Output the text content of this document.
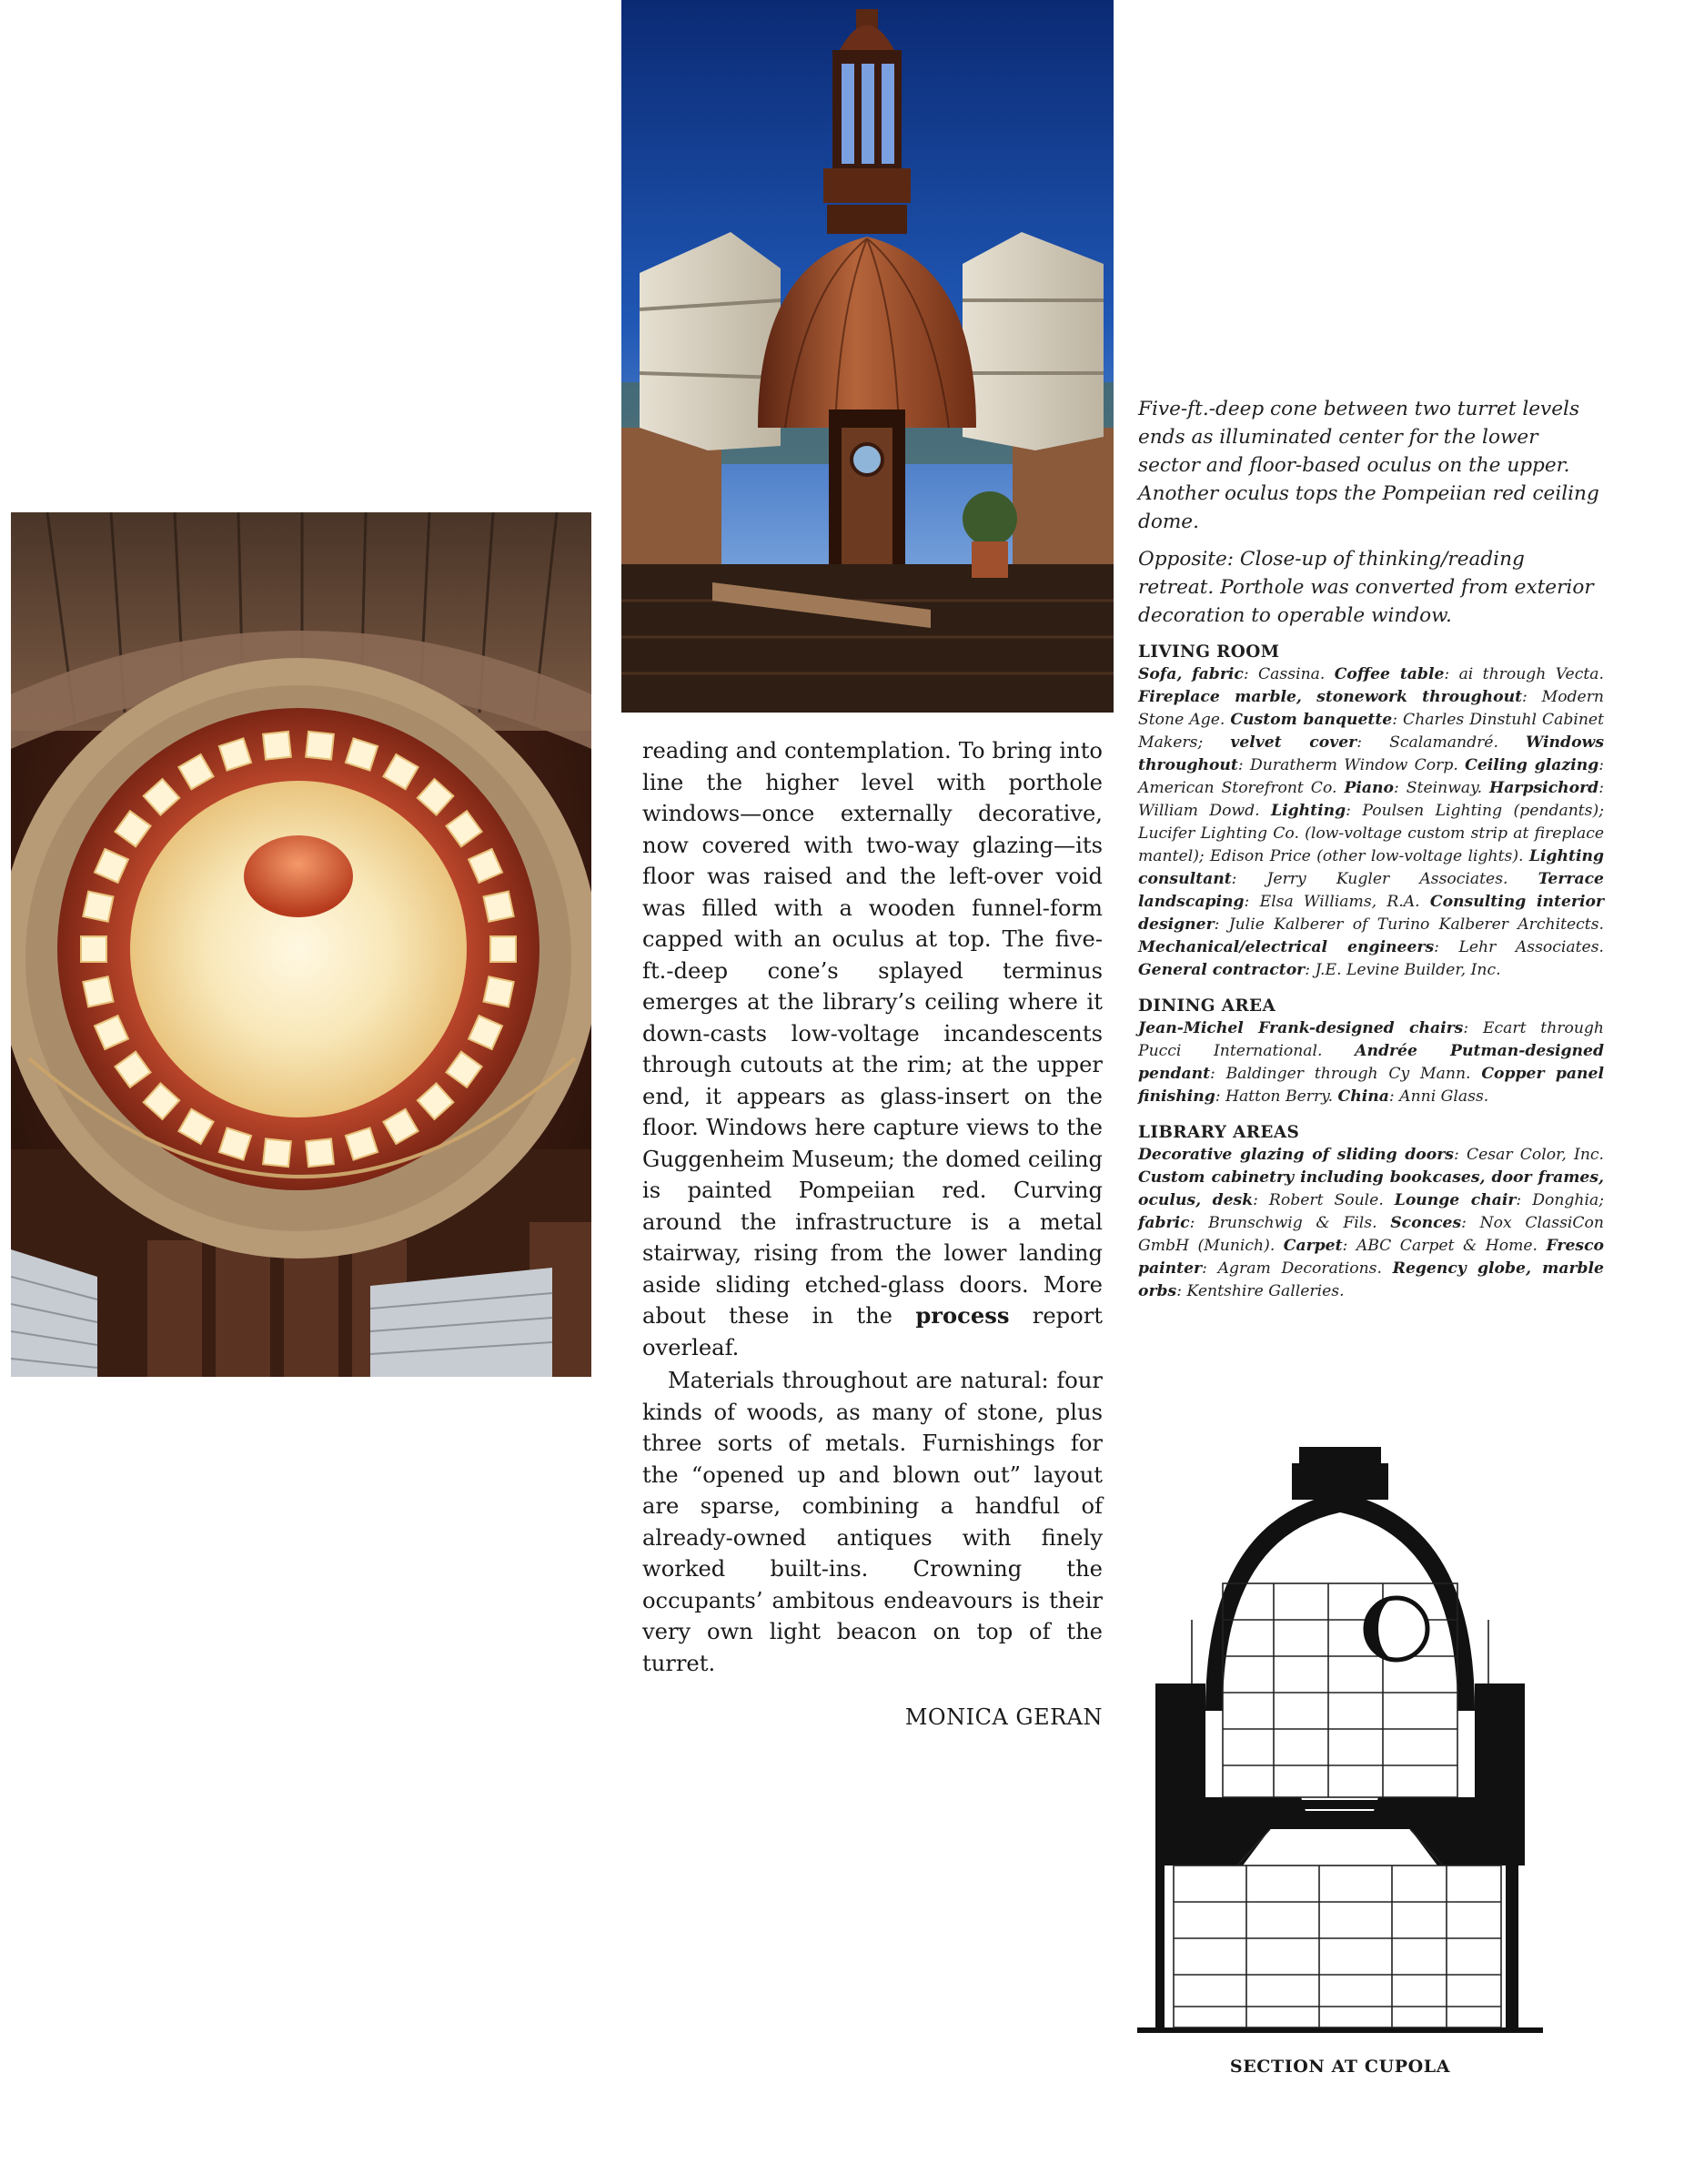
reading and contemplation. To bring into line the higher level with porthole windows—once externally decorative, now covered with two-way glazing—its floor was raised and the left-over void was filled with a wooden funnel-form capped with an oculus at top. The five-ft.-deep cone’s splayed terminus emerges at the library’s ceiling where it down-casts low-voltage incandescents through cutouts at the rim; at the upper end, it appears as glass-insert on the floor. Windows here capture views to the Guggenheim Museum; the domed ceiling is painted Pompeiian red. Curving around the infrastructure is a metal stairway, rising from the lower landing aside sliding etched-glass doors. More about these in the process report overleaf.

Materials throughout are natural: four kinds of woods, as many of stone, plus three sorts of metals. Furnishings for the “opened up and blown out” layout are sparse, combining a handful of already-owned antiques with finely worked built-ins. Crowning the occupants’ ambitous endeavours is their very own light beacon on top of the turret.

MONICA GERAN

Five-ft.-deep cone between two turret levels ends as illuminated center for the lower sector and floor-based oculus on the upper. Another oculus tops the Pompeiian red ceiling dome.

Opposite: Close-up of thinking/reading retreat. Porthole was converted from exterior decoration to operable window.

LIVING ROOM
Sofa, fabric: Cassina. Coffee table: ai through Vecta. Fireplace marble, stonework throughout: Modern Stone Age. Custom banquette: Charles Dinstuhl Cabinet Makers; velvet cover: Scalamandré. Windows throughout: Duratherm Window Corp. Ceiling glazing: American Storefront Co. Piano: Steinway. Harpsichord: William Dowd. Lighting: Poulsen Lighting (pendants); Lucifer Lighting Co. (low-voltage custom strip at fireplace mantel); Edison Price (other low-voltage lights). Lighting consultant: Jerry Kugler Associates. Terrace landscaping: Elsa Williams, R.A. Consulting interior designer: Julie Kalberer of Turino Kalberer Architects. Mechanical/electrical engineers: Lehr Associates. General contractor: J.E. Levine Builder, Inc.
DINING AREA
Jean-Michel Frank-designed chairs: Ecart through Pucci International. Andrée Putman-designed pendant: Baldinger through Cy Mann. Copper panel finishing: Hatton Berry. China: Anni Glass.
LIBRARY AREAS
Decorative glazing of sliding doors: Cesar Color, Inc. Custom cabinetry including bookcases, door frames, oculus, desk: Robert Soule. Lounge chair: Donghia; fabric: Brunschwig & Fils. Sconces: Nox ClassiCon GmbH (Munich). Carpet: ABC Carpet & Home. Fresco painter: Agram Decorations. Regency globe, marble orbs: Kentshire Galleries.
SECTION AT CUPOLA
